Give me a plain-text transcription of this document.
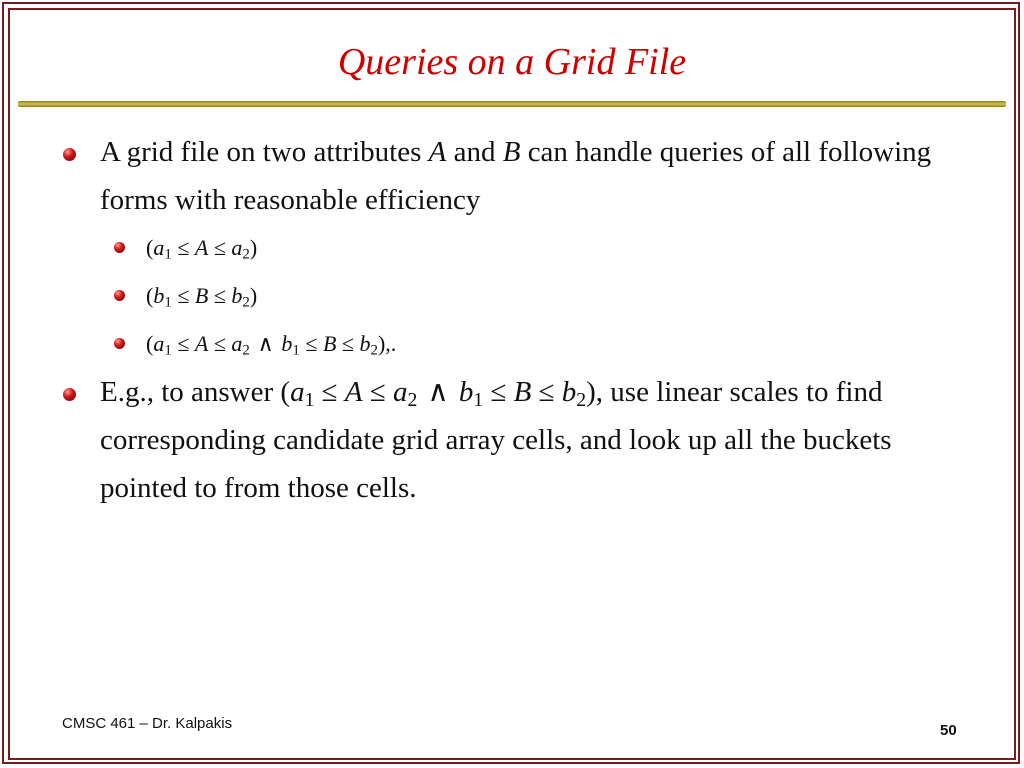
Queries on a Grid File
A grid file on two attributes A and B can handle queries of all following forms with reasonable efficiency
$(a_1 \le A \le a_2)$
$(b_1 \le B \le b_2)$
($a_1 \le A \le a_2$ ∧ $b_1 \le B \le b_2$),.
E.g., to answer ($a_1 \le A \le a_2$ ∧ $b_1 \le B \le b_2$), use linear scales to find corresponding candidate grid array cells, and look up all the buckets pointed to from those cells.
CMSC 461 – Dr. Kalpakis	50
